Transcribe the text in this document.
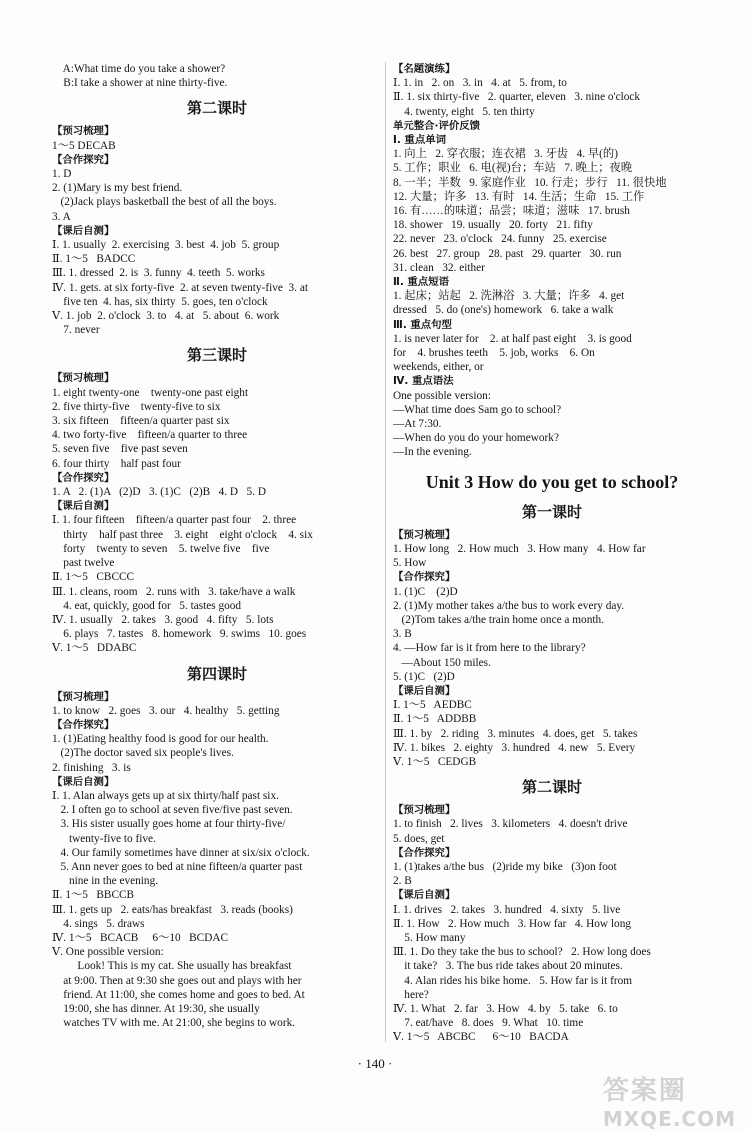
A:What time do you take a shower?
B:I take a shower at nine thirty-five.
第二课时
【预习梳理】
1～5 DECAB
【合作探究】
1. D
2. (1)Mary is my best friend.
(2)Jack plays basketball the best of all the boys.
3. A
【课后自测】
Ⅰ. 1. usually  2. exercising  3. best  4. job  5. group
Ⅱ. 1～5   BADCC
Ⅲ. 1. dressed  2. is  3. funny  4. teeth  5. works
Ⅳ. 1. gets. at six forty-five  2. at seven twenty-five  3. at
five ten  4. has, six thirty  5. goes, ten o'clock
Ⅴ. 1. job  2. o'clock  3. to   4. at   5. about  6. work
7. never
第三课时
【预习梳理】
1. eight twenty-one    twenty-one past eight
2. five thirty-five    twenty-five to six
3. six fifteen    fifteen/a quarter past six
4. two forty-five    fifteen/a quarter to three
5. seven five    five past seven
6. four thirty    half past four
【合作探究】
1. A   2. (1)A   (2)D   3. (1)C   (2)B   4. D   5. D
【课后自测】
Ⅰ. 1. four fifteen    fifteen/a quarter past four    2. three
thirty    half past three    3. eight    eight o'clock    4. six
forty    twenty to seven    5. twelve five    five
past twelve
Ⅱ. 1～5   CBCCC
Ⅲ. 1. cleans, room   2. runs with   3. take/have a walk
4. eat, quickly, good for   5. tastes good
Ⅳ. 1. usually   2. takes   3. good   4. fifty   5. lots
6. plays   7. tastes   8. homework   9. swims   10. goes
Ⅴ. 1～5   DDABC
第四课时
【预习梳理】
1. to know   2. goes   3. our   4. healthy   5. getting
【合作探究】
1. (1)Eating healthy food is good for our health.
(2)The doctor saved six people's lives.
2. finishing   3. is
【课后自测】
Ⅰ. 1. Alan always gets up at six thirty/half past six.
2. I often go to school at seven five/five past seven.
3. His sister usually goes home at four thirty-five/
twenty-five to five.
4. Our family sometimes have dinner at six/six o'clock.
5. Ann never goes to bed at nine fifteen/a quarter past
nine in the evening.
Ⅱ. 1～5   BBCCB
Ⅲ. 1. gets up   2. eats/has breakfast   3. reads (books)
4. sings   5. draws
Ⅳ. 1～5   BCACB     6～10   BCDAC
Ⅴ. One possible version:
Look! This is my cat. She usually has breakfast
at 9:00. Then at 9:30 she goes out and plays with her
friend. At 11:00, she comes home and goes to bed. At
19:00, she has dinner. At 19:30, she usually
watches TV with me. At 21:00, she begins to work.
【名题演练】
Ⅰ. 1. in   2. on   3. in   4. at   5. from, to
Ⅱ. 1. six thirty-five   2. quarter, eleven   3. nine o'clock
4. twenty, eight   5. ten thirty
单元整合·评价反馈
Ⅰ. 重点单词
1. 向上   2. 穿衣服；连衣裙   3. 牙齿   4. 早(的)
5. 工作；职业   6. 电(视)台；车站   7. 晚上；夜晚
8. 一半；半数   9. 家庭作业   10. 行走；步行   11. 很快地
12. 大量；许多   13. 有时   14. 生活；生命   15. 工作
16. 有……的味道；品尝；味道；滋味   17. brush
18. shower   19. usually   20. forty   21. fifty
22. never   23. o'clock   24. funny   25. exercise
26. best   27. group   28. past   29. quarter   30. run
31. clean   32. either
Ⅱ. 重点短语
1. 起床；站起   2. 洗淋浴   3. 大量；许多   4. get
dressed   5. do (one's) homework   6. take a walk
Ⅲ. 重点句型
1. is never later for    2. at half past eight    3. is good
for    4. brushes teeth    5. job, works    6. On
weekends, either, or
Ⅳ. 重点语法
One possible version:
—What time does Sam go to school?
—At 7:30.
—When do you do your homework?
—In the evening.
Unit 3 How do you get to school?
第一课时
【预习梳理】
1. How long   2. How much   3. How many   4. How far
5. How
【合作探究】
1. (1)C    (2)D
2. (1)My mother takes a/the bus to work every day.
(2)Tom takes a/the train home once a month.
3. B
4. —How far is it from here to the library?
—About 150 miles.
5. (1)C   (2)D
【课后自测】
Ⅰ. 1～5   AEDBC
Ⅱ. 1～5   ADDBB
Ⅲ. 1. by   2. riding   3. minutes   4. does, get   5. takes
Ⅳ. 1. bikes   2. eighty   3. hundred   4. new   5. Every
Ⅴ. 1～5   CEDGB
第二课时
【预习梳理】
1. to finish   2. lives   3. kilometers   4. doesn't drive
5. does, get
【合作探究】
1. (1)takes a/the bus   (2)ride my bike   (3)on foot
2. B
【课后自测】
Ⅰ. 1. drives   2. takes   3. hundred   4. sixty   5. live
Ⅱ. 1. How   2. How much   3. How far   4. How long
5. How many
Ⅲ. 1. Do they take the bus to school?   2. How long does
it take?   3. The bus ride takes about 20 minutes.
4. Alan rides his bike home.   5. How far is it from
here?
Ⅳ. 1. What   2. far   3. How   4. by   5. take   6. to
7. eat/have   8. does   9. What   10. time
Ⅴ. 1～5   ABCBC      6～10   BACDA
· 140 ·
答案圈
MXQE.COM
